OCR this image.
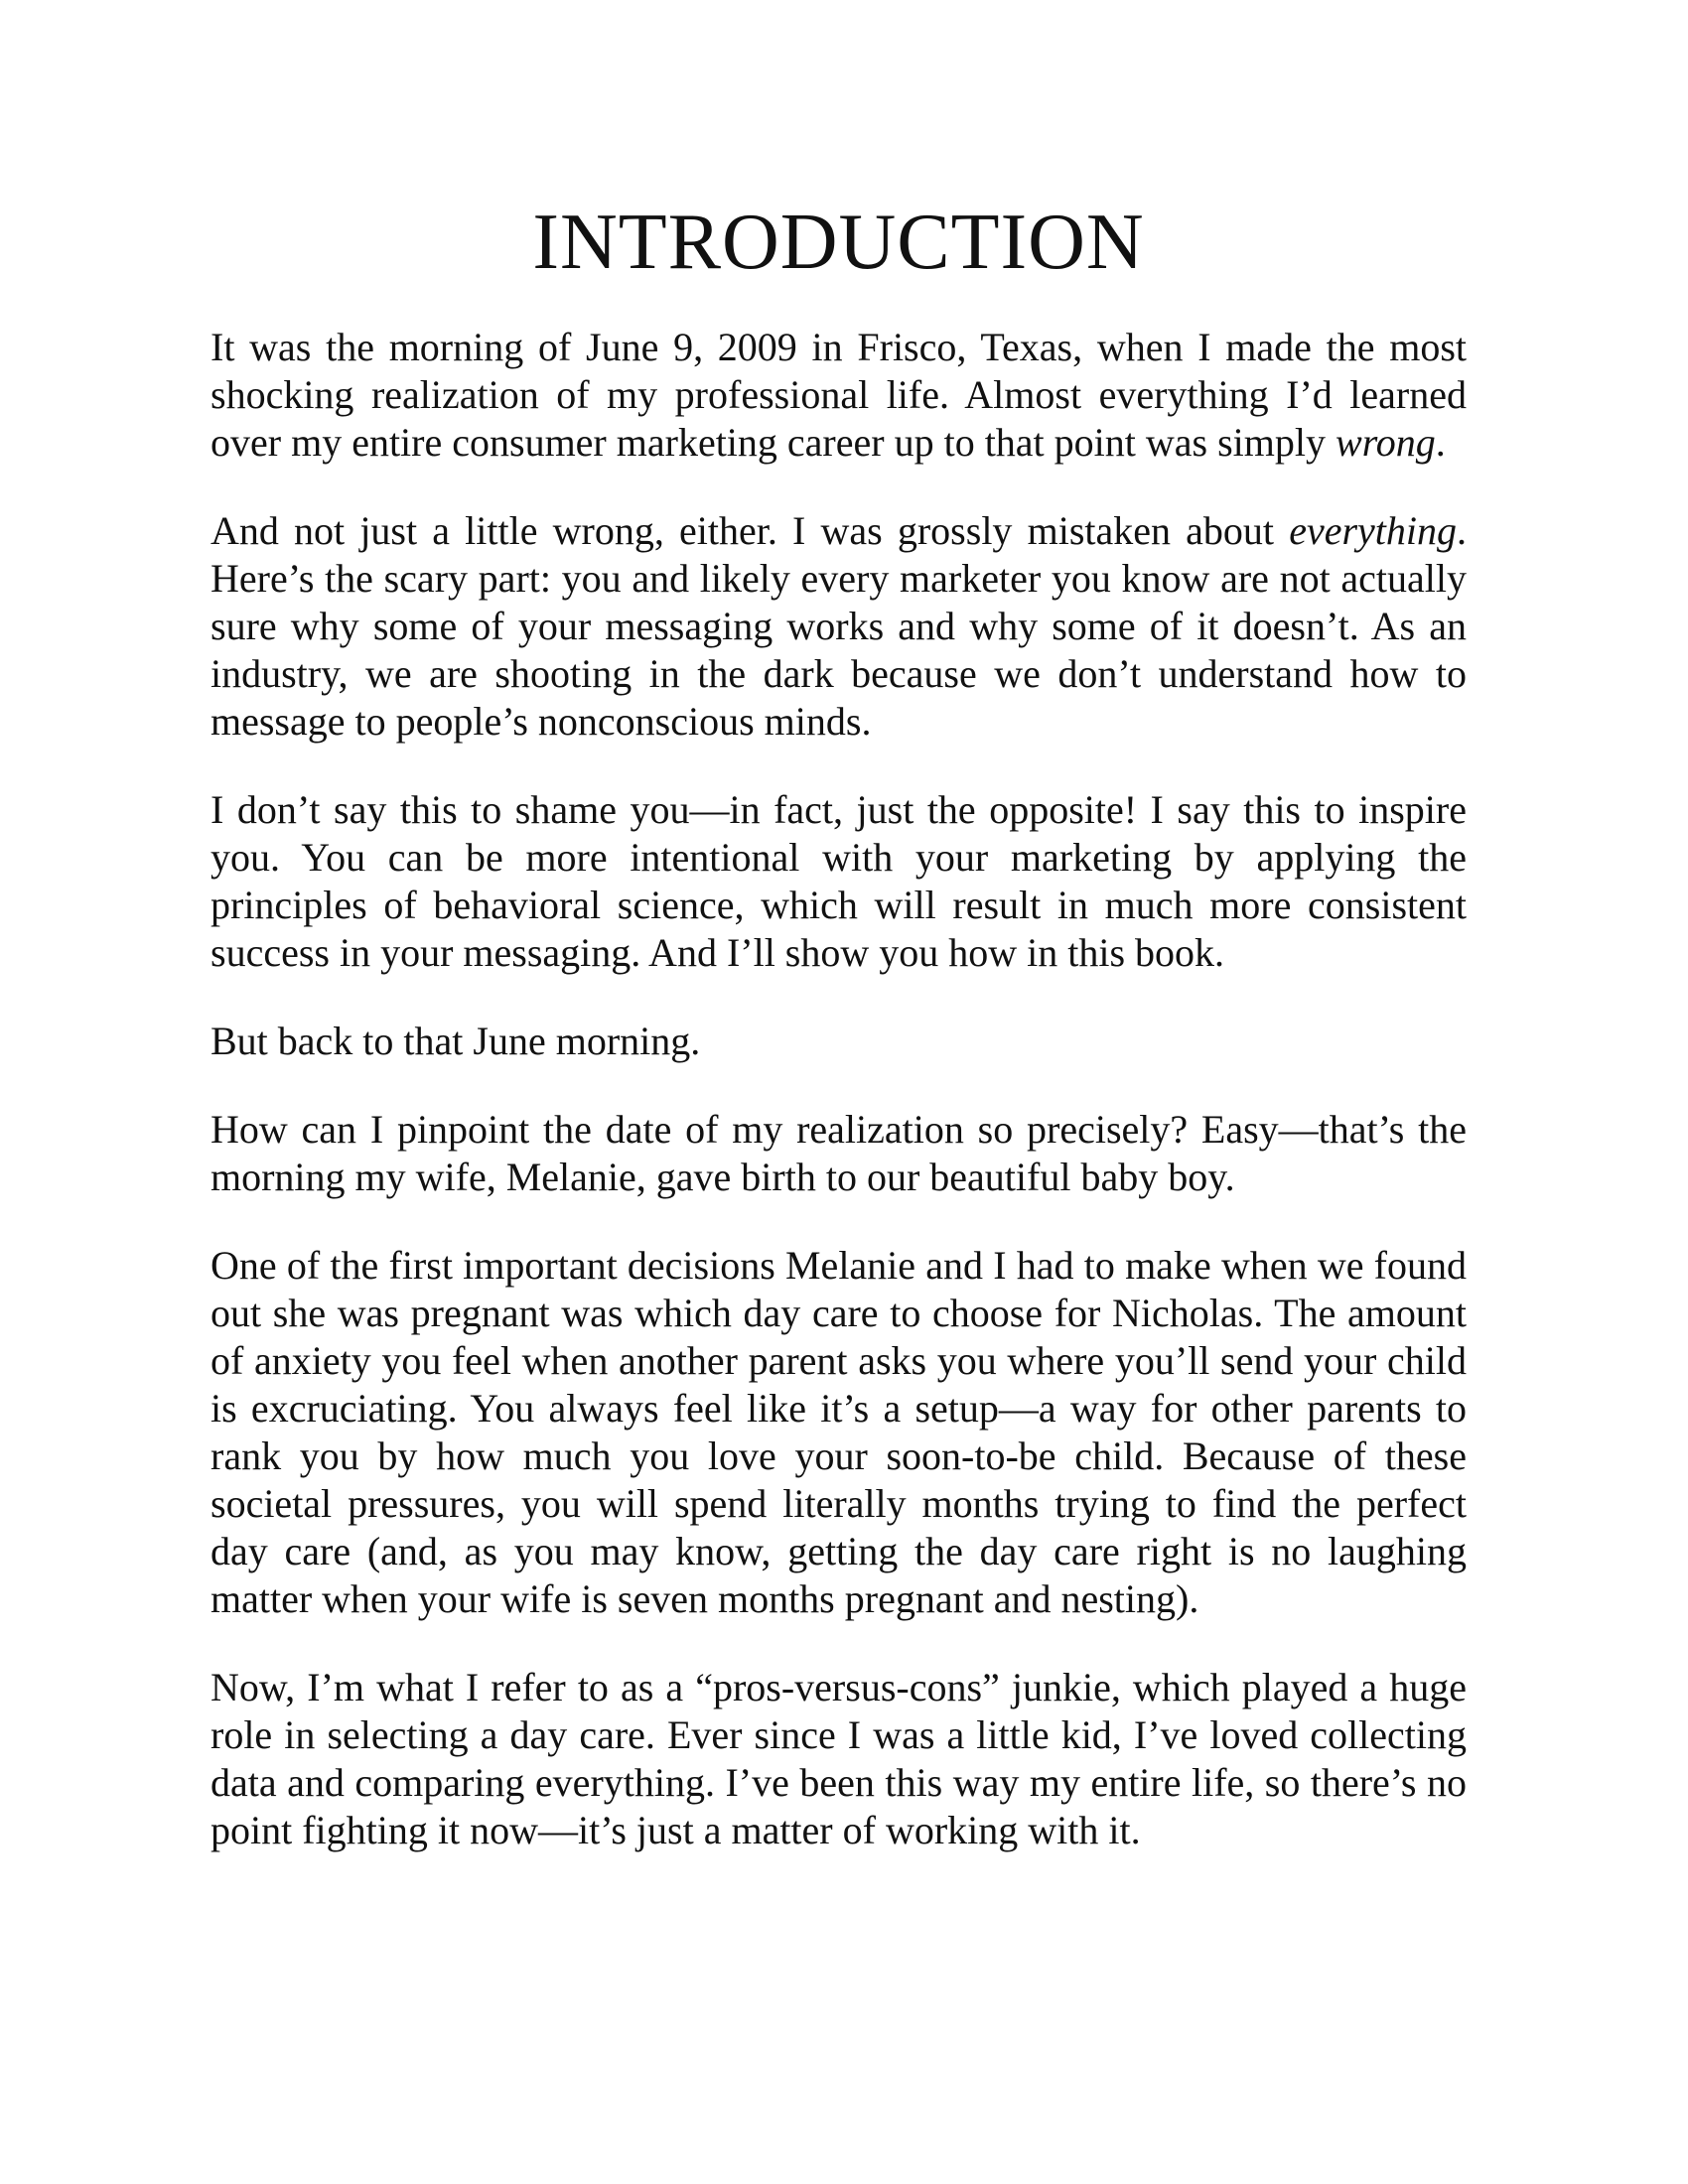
INTRODUCTION

It was the morning of June 9, 2009 in Frisco, Texas, when I made the most shocking realization of my professional life. Almost everything I’d learned over my entire consumer marketing career up to that point was simply wrong.

And not just a little wrong, either. I was grossly mistaken about everything. Here’s the scary part: you and likely every marketer you know are not actually sure why some of your messaging works and why some of it doesn’t. As an industry, we are shooting in the dark because we don’t understand how to message to people’s nonconscious minds.

I don’t say this to shame you—in fact, just the opposite! I say this to inspire you. You can be more intentional with your marketing by applying the principles of behavioral science, which will result in much more consistent success in your messaging. And I’ll show you how in this book.

But back to that June morning.

How can I pinpoint the date of my realization so precisely? Easy—that’s the morning my wife, Melanie, gave birth to our beautiful baby boy.

One of the first important decisions Melanie and I had to make when we found out she was pregnant was which day care to choose for Nicholas. The amount of anxiety you feel when another parent asks you where you’ll send your child is excruciating. You always feel like it’s a setup—a way for other parents to rank you by how much you love your soon-to-be child. Because of these societal pressures, you will spend literally months trying to find the perfect day care (and, as you may know, getting the day care right is no laughing matter when your wife is seven months pregnant and nesting).

Now, I’m what I refer to as a “pros-versus-cons” junkie, which played a huge role in selecting a day care. Ever since I was a little kid, I’ve loved collecting data and comparing everything. I’ve been this way my entire life, so there’s no point fighting it now—it’s just a matter of working with it.
